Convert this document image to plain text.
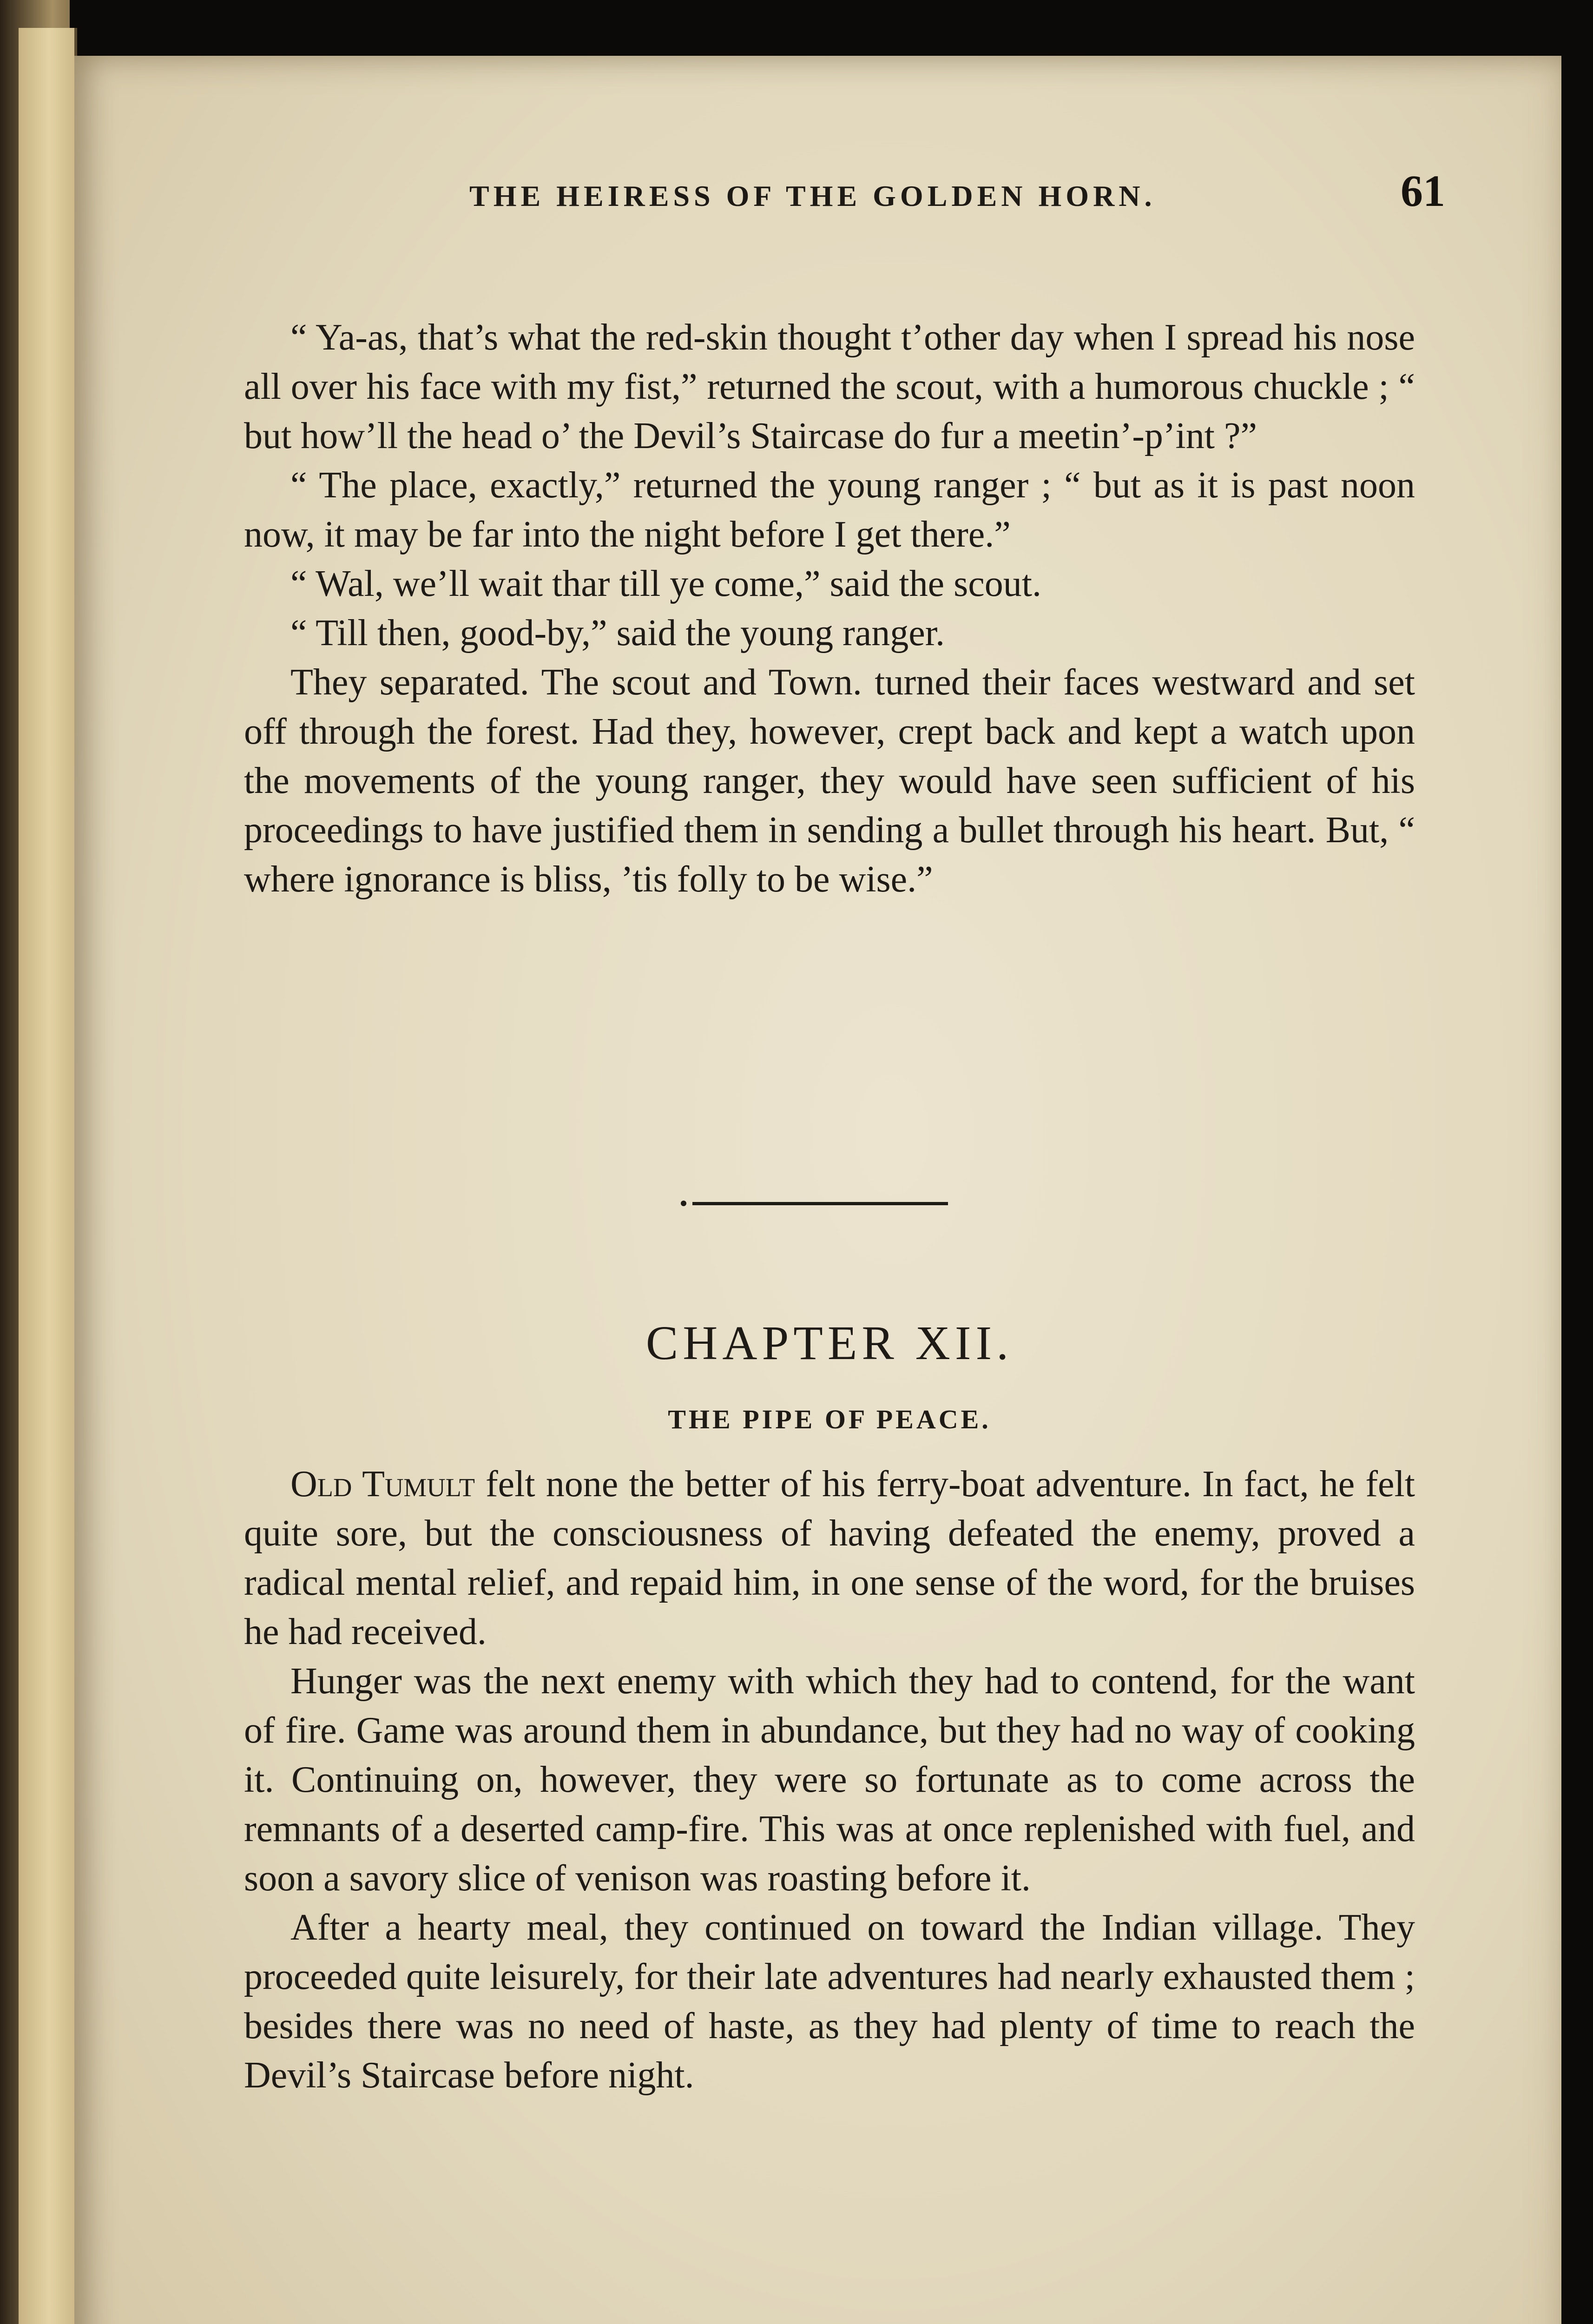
THE HEIRESS OF THE GOLDEN HORN.	61

“ Ya-as, that’s what the red-skin thought t’other day when I spread his nose all over his face with my fist,” returned the scout, with a humorous chuckle ; “ but how’ll the head o’ the Devil’s Staircase do fur a meetin’-p’int ?”

“ The place, exactly,” returned the young ranger ; “ but as it is past noon now, it may be far into the night before I get there.”

“ Wal, we’ll wait thar till ye come,” said the scout.

“ Till then, good-by,” said the young ranger.

They separated. The scout and Town. turned their faces westward and set off through the forest. Had they, however, crept back and kept a watch upon the movements of the young ranger, they would have seen sufficient of his proceedings to have justified them in sending a bullet through his heart. But, “ where ignorance is bliss, ’tis folly to be wise.”

CHAPTER XII.
THE PIPE OF PEACE.

Old Tumult felt none the better of his ferry-boat adventure. In fact, he felt quite sore, but the consciousness of having defeated the enemy, proved a radical mental relief, and repaid him, in one sense of the word, for the bruises he had received.

Hunger was the next enemy with which they had to contend, for the want of fire. Game was around them in abundance, but they had no way of cooking it. Continuing on, however, they were so fortunate as to come across the remnants of a deserted camp-fire. This was at once replenished with fuel, and soon a savory slice of venison was roasting before it.

After a hearty meal, they continued on toward the Indian village. They proceeded quite leisurely, for their late adventures had nearly exhausted them ; besides there was no need of haste, as they had plenty of time to reach the Devil’s Staircase before night.
